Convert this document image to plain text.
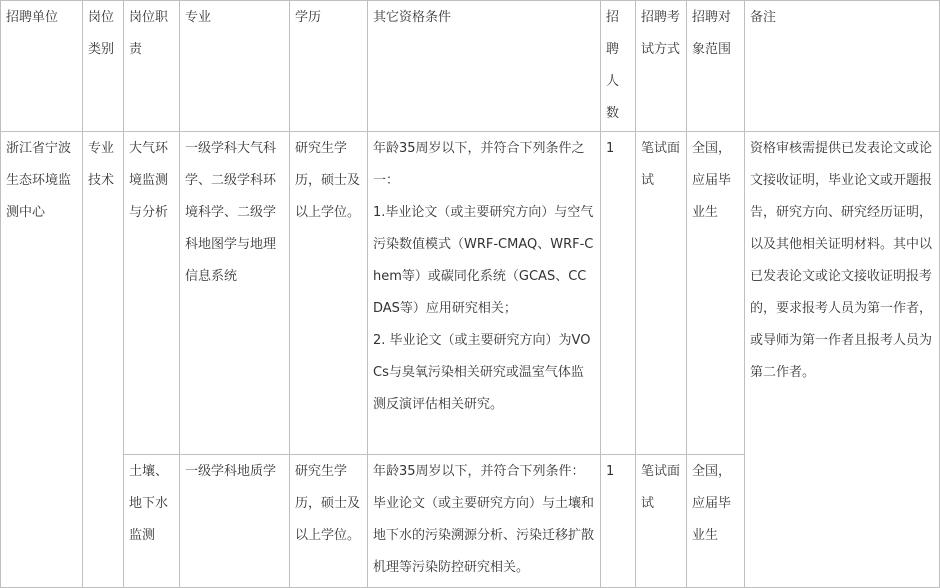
招聘单位	岗位类别	岗位职责	专业	学历	其它资格条件	招聘人数	招聘考试方式	招聘对象范围	备注
浙江省宁波生态环境监测中心	专业技术	大气环境监测与分析	一级学科大气科学、二级学科环境科学、二级学科地图学与地理信息系统	研究生学历，硕士及以上学位。	年龄35周岁以下，并符合下列条件之一：
1.毕业论文（或主要研究方向）与空气污染数值模式（WRF-CMAQ、WRF-Chem等）或碳同化系统（GCAS、CCDAS等）应用研究相关；
2. 毕业论文（或主要研究方向）为VOCs与臭氧污染相关研究或温室气体监测反演评估相关研究。	1	笔试面试	全国，应届毕业生	资格审核需提供已发表论文或论文接收证明，毕业论文或开题报告，研究方向、研究经历证明，以及其他相关证明材料。其中以已发表论文或论文接收证明报考的，要求报考人员为第一作者，或导师为第一作者且报考人员为第二作者。
		土壤、地下水监测	一级学科地质学	研究生学历，硕士及以上学位。	年龄35周岁以下，并符合下列条件：毕业论文（或主要研究方向）与土壤和地下水的污染溯源分析、污染迁移扩散机理等污染防控研究相关。	1	笔试面试	全国，应届毕业生	
